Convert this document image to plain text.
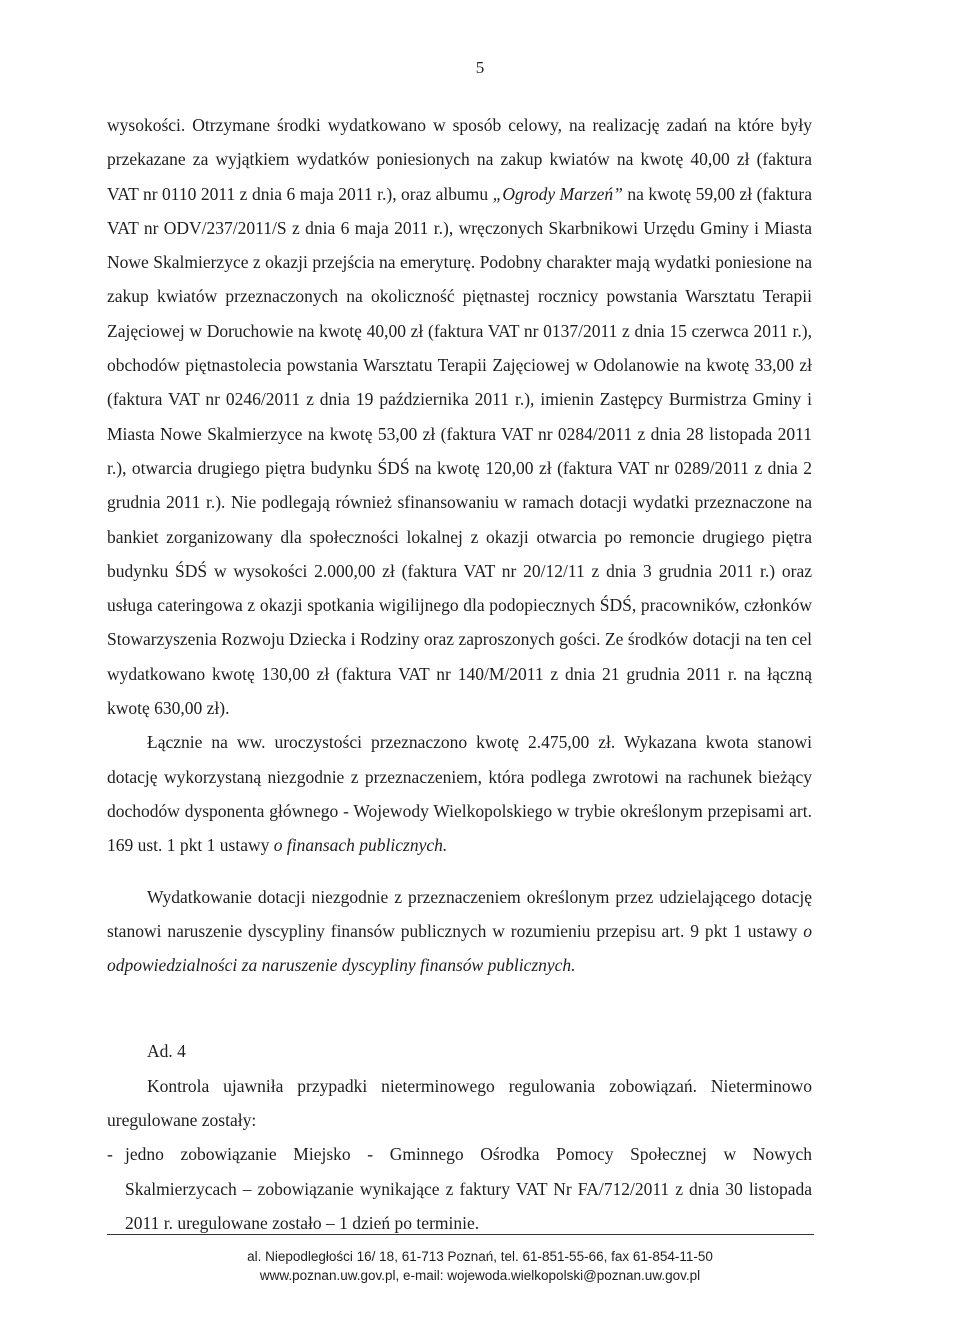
5

wysokości. Otrzymane środki wydatkowano w sposób celowy, na realizację zadań na które były przekazane za wyjątkiem wydatków poniesionych na zakup kwiatów na kwotę 40,00 zł (faktura VAT nr 0110 2011 z dnia 6 maja 2011 r.), oraz albumu „Ogrody Marzeń” na kwotę 59,00 zł (faktura VAT nr ODV/237/2011/S z dnia 6 maja 2011 r.), wręczonych Skarbnikowi Urzędu Gminy i Miasta Nowe Skalmierzyce z okazji przejścia na emeryturę. Podobny charakter mają wydatki poniesione na zakup kwiatów przeznaczonych na okoliczność piętnastej rocznicy powstania Warsztatu Terapii Zajęciowej w Doruchowie na kwotę 40,00 zł (faktura VAT nr 0137/2011 z dnia 15 czerwca 2011 r.), obchodów piętnastolecia powstania Warsztatu Terapii Zajęciowej w Odolanowie na kwotę 33,00 zł (faktura VAT nr 0246/2011 z dnia 19 października 2011 r.), imienin Zastępcy Burmistrza Gminy i Miasta Nowe Skalmierzyce na kwotę 53,00 zł (faktura VAT nr 0284/2011 z dnia 28 listopada 2011 r.), otwarcia drugiego piętra budynku ŚDŚ na kwotę 120,00 zł (faktura VAT nr 0289/2011 z dnia 2 grudnia 2011 r.). Nie podlegają również sfinansowaniu w ramach dotacji wydatki przeznaczone na bankiet zorganizowany dla społeczności lokalnej z okazji otwarcia po remoncie drugiego piętra budynku ŚDŚ w wysokości 2.000,00 zł (faktura VAT nr 20/12/11 z dnia 3 grudnia 2011 r.) oraz usługa cateringowa z okazji spotkania wigilijnego dla podopiecznych ŚDŚ, pracowników, członków Stowarzyszenia Rozwoju Dziecka i Rodziny oraz zaproszonych gości. Ze środków dotacji na ten cel wydatkowano kwotę 130,00 zł (faktura VAT nr 140/M/2011 z dnia 21 grudnia 2011 r. na łączną kwotę 630,00 zł).

Łącznie na ww. uroczystości przeznaczono kwotę 2.475,00 zł. Wykazana kwota stanowi dotację wykorzystaną niezgodnie z przeznaczeniem, która podlega zwrotowi na rachunek bieżący dochodów dysponenta głównego - Wojewody Wielkopolskiego w trybie określonym przepisami art. 169 ust. 1 pkt 1 ustawy o finansach publicznych.

Wydatkowanie dotacji niezgodnie z przeznaczeniem określonym przez udzielającego dotację stanowi naruszenie dyscypliny finansów publicznych w rozumieniu przepisu art. 9 pkt 1 ustawy o odpowiedzialności za naruszenie dyscypliny finansów publicznych.

Ad. 4

Kontrola ujawniła przypadki nieterminowego regulowania zobowiązań. Nieterminowo uregulowane zostały:

- jedno zobowiązanie Miejsko - Gminnego Ośrodka Pomocy Społecznej w Nowych Skalmierzycach – zobowiązanie wynikające z faktury VAT Nr FA/712/2011 z dnia 30 listopada 2011 r. uregulowane zostało – 1 dzień po terminie.
al. Niepodległości 16/ 18, 61-713 Poznań, tel. 61-851-55-66, fax 61-854-11-50
www.poznan.uw.gov.pl, e-mail: wojewoda.wielkopolski@poznan.uw.gov.pl
